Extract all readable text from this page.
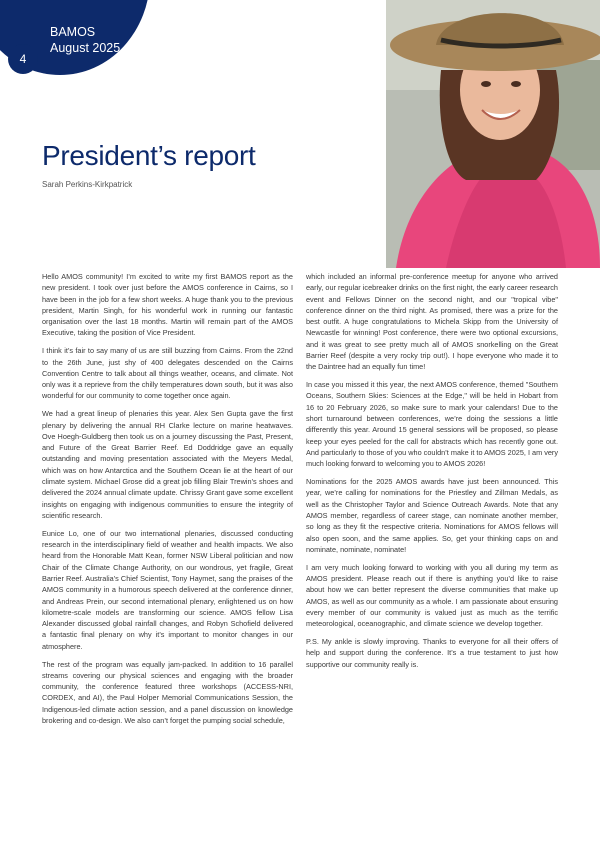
BAMOS
August 2025
4
President’s report
Sarah Perkins-Kirkpatrick

Hello AMOS community! I’m excited to write my first BAMOS report as the new president. I took over just before the AMOS conference in Cairns, so I have been in the job for a few short weeks. A huge thank you to the previous president, Martin Singh, for his wonderful work in running our fantastic organisation over the last 18 months. Martin will remain part of the AMOS Executive, taking the position of Vice President.

I think it’s fair to say many of us are still buzzing from Cairns. From the 22nd to the 26th June, just shy of 400 delegates descended on the Cairns Convention Centre to talk about all things weather, oceans, and climate. Not only was it a reprieve from the chilly temperatures down south, but it was also wonderful for our community to come together once again.

We had a great lineup of plenaries this year. Alex Sen Gupta gave the first plenary by delivering the annual RH Clarke lecture on marine heatwaves. Ove Hoegh-Guldberg then took us on a journey discussing the Past, Present, and Future of the Great Barrier Reef. Ed Doddridge gave an equally outstanding and moving presentation associated with the Meyers Medal, which was on how Antarctica and the Southern Ocean lie at the heart of our climate system. Michael Grose did a great job filling Blair Trewin’s shoes and delivered the 2024 annual climate update. Chrissy Grant gave some excellent insights on engaging with indigenous communities to ensure the integrity of scientific research.

Eunice Lo, one of our two international plenaries, discussed conducting research in the interdisciplinary field of weather and health impacts. We also heard from the Honorable Matt Kean, former NSW Liberal politician and now Chair of the Climate Change Authority, on our wondrous, yet fragile, Great Barrier Reef. Australia’s Chief Scientist, Tony Haymet, sang the praises of the AMOS community in a humorous speech delivered at the conference dinner, and Andreas Prein, our second international plenary, enlightened us on how kilometre-scale models are transforming our science. AMOS fellow Lisa Alexander discussed global rainfall changes, and Robyn Schofield delivered a fantastic final plenary on why it’s important to monitor changes in our atmosphere.

The rest of the program was equally jam-packed. In addition to 16 parallel streams covering our physical sciences and engaging with the broader community, the conference featured three workshops (ACCESS-NRI, CORDEX, and AI), the Paul Holper Memorial Communications Session, the Indigenous-led climate action session, and a panel discussion on knowledge brokering and co-design. We also can’t forget the pumping social schedule,

which included an informal pre-conference meetup for anyone who arrived early, our regular icebreaker drinks on the first night, the early career research event and Fellows Dinner on the second night, and our "tropical vibe" conference dinner on the third night. As promised, there was a prize for the best outfit. A huge congratulations to Michela Skipp from the University of Newcastle for winning! Post conference, there were two optional excursions, and it was great to see pretty much all of AMOS snorkelling on the Great Barrier Reef (despite a very rocky trip out!). I hope everyone who made it to the Daintree had an equally fun time!

In case you missed it this year, the next AMOS conference, themed "Southern Oceans, Southern Skies: Sciences at the Edge," will be held in Hobart from 16 to 20 February 2026, so make sure to mark your calendars! Due to the short turnaround between conferences, we’re doing the sessions a little differently this year. Around 15 general sessions will be proposed, so please keep your eyes peeled for the call for abstracts which has recently gone out. And particularly to those of you who couldn’t make it to AMOS 2025, I am very much looking forward to welcoming you to AMOS 2026!

Nominations for the 2025 AMOS awards have just been announced. This year, we’re calling for nominations for the Priestley and Zillman Medals, as well as the Christopher Taylor and Science Outreach Awards. Note that any AMOS member, regardless of career stage, can nominate another member, so long as they fit the respective criteria. Nominations for AMOS fellows will also open soon, and the same applies. So, get your thinking caps on and nominate, nominate, nominate!

I am very much looking forward to working with you all during my term as AMOS president. Please reach out if there is anything you’d like to raise about how we can better represent the diverse communities that make up AMOS, as well as our community as a whole. I am passionate about ensuring every member of our community is valued just as much as the terrific meteorological, oceanographic, and climate science we develop together.

P.S. My ankle is slowly improving. Thanks to everyone for all their offers of help and support during the conference. It’s a true testament to just how supportive our community really is.
